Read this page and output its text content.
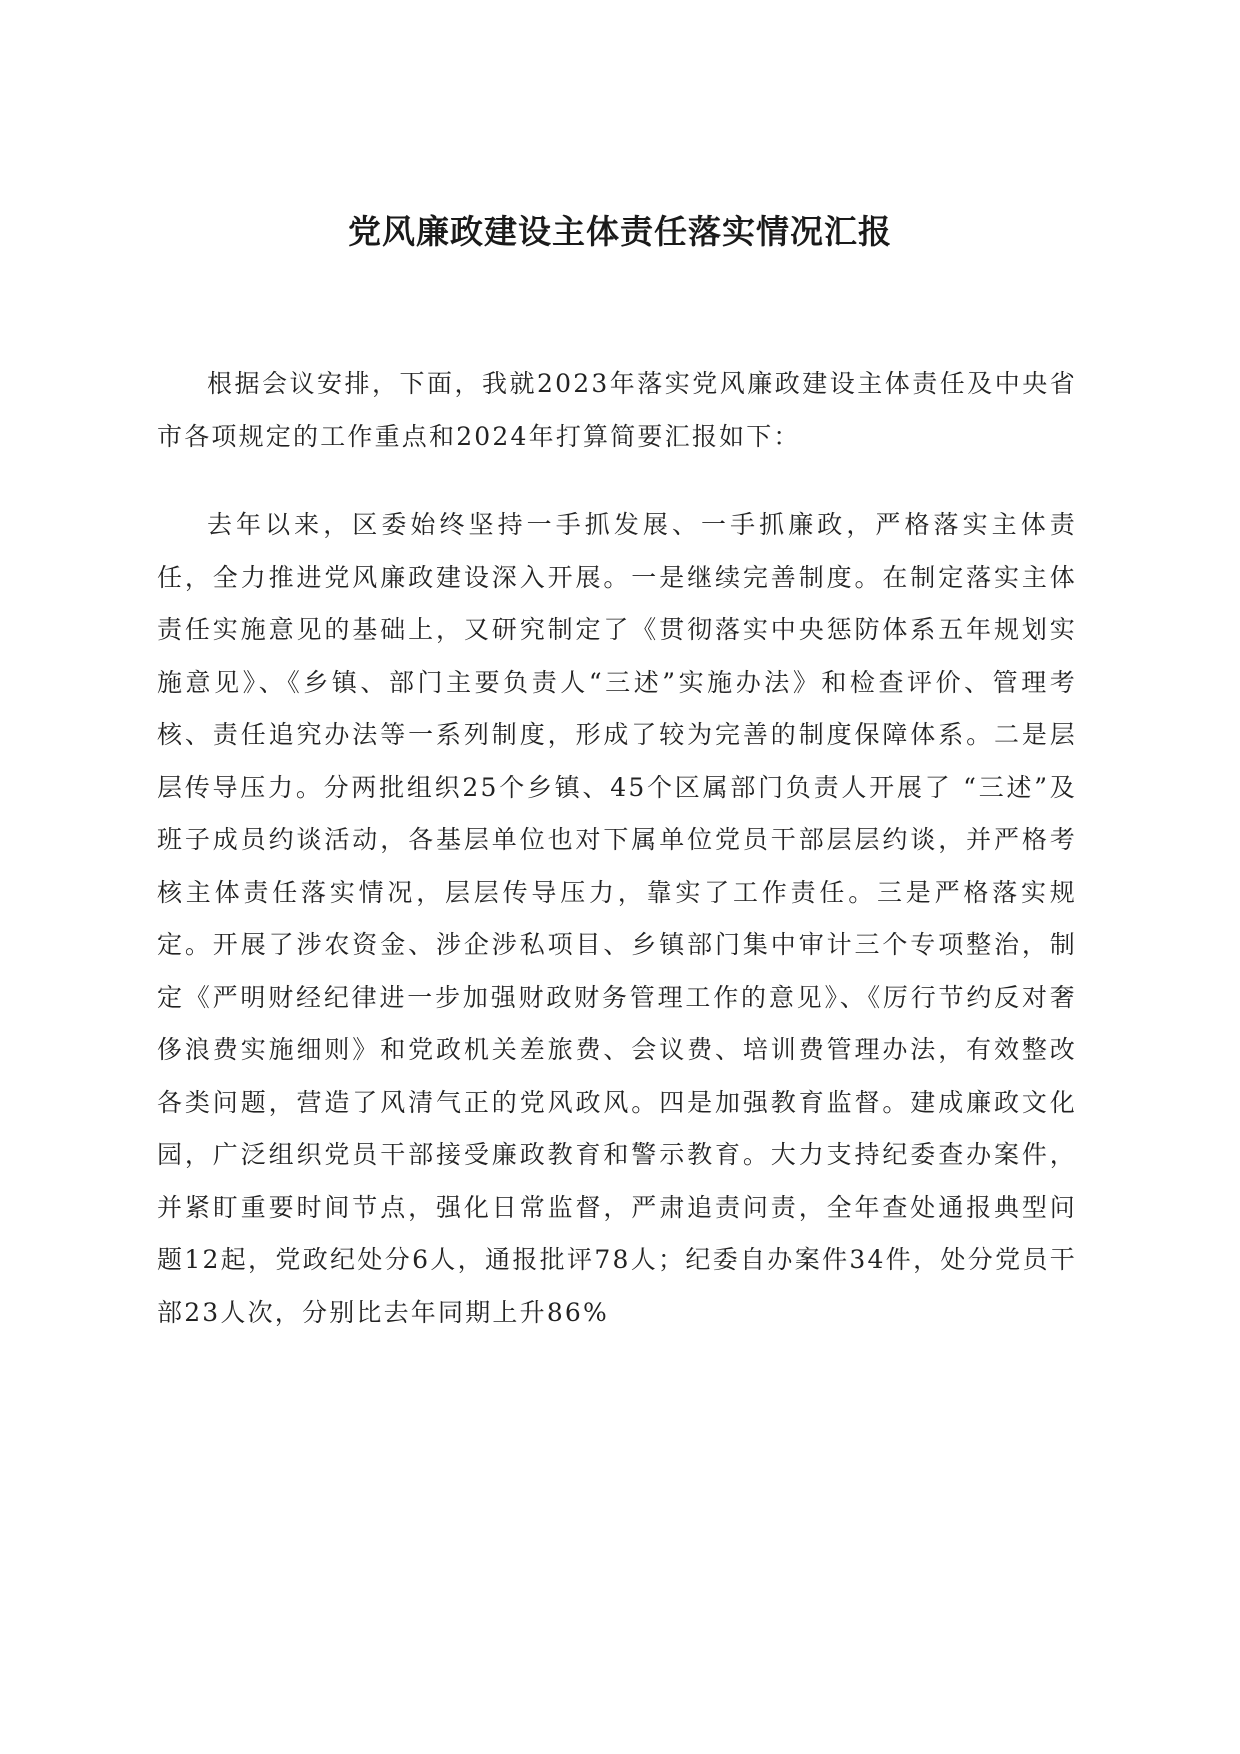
党风廉政建设主体责任落实情况汇报

根据会议安排，下面，我就2023年落实党风廉政建设主体责任及中央省市各项规定的工作重点和2024年打算简要汇报如下：

去年以来，区委始终坚持一手抓发展、一手抓廉政，严格落实主体责任，全力推进党风廉政建设深入开展。一是继续完善制度。在制定落实主体责任实施意见的基础上，又研究制定了《贯彻落实中央惩防体系五年规划实施意见》、《乡镇、部门主要负责人“三述”实施办法》和检查评价、管理考核、责任追究办法等一系列制度，形成了较为完善的制度保障体系。二是层层传导压力。分两批组织25个乡镇、45个区属部门负责人开展了 “三述”及班子成员约谈活动，各基层单位也对下属单位党员干部层层约谈，并严格考核主体责任落实情况，层层传导压力，靠实了工作责任。三是严格落实规定。开展了涉农资金、涉企涉私项目、乡镇部门集中审计三个专项整治，制定《严明财经纪律进一步加强财政财务管理工作的意见》、《厉行节约反对奢侈浪费实施细则》和党政机关差旅费、会议费、培训费管理办法，有效整改各类问题，营造了风清气正的党风政风。四是加强教育监督。建成廉政文化园，广泛组织党员干部接受廉政教育和警示教育。大力支持纪委查办案件，并紧盯重要时间节点，强化日常监督，严肃追责问责，全年查处通报典型问题12起，党政纪处分6人，通报批评78人；纪委自办案件34件，处分党员干部23人次，分别比去年同期上升86%
